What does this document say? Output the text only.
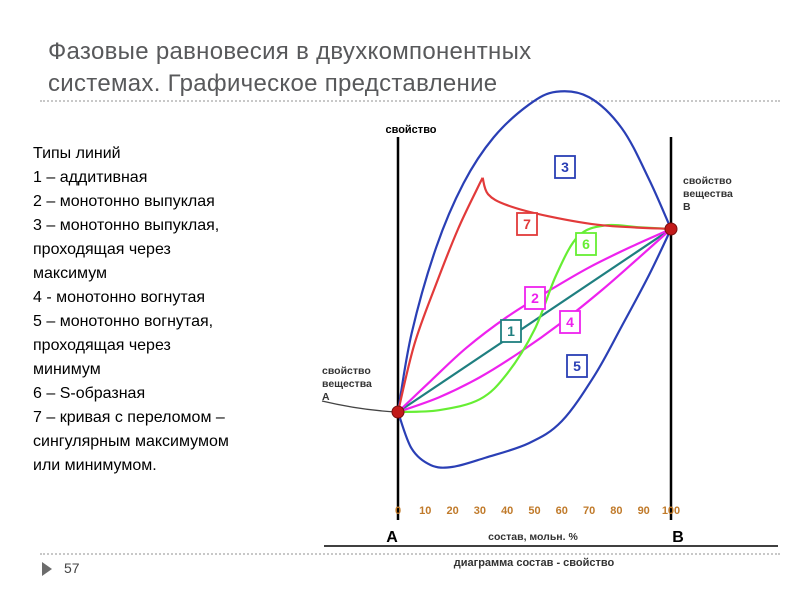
Фазовые равновесия в двухкомпонентных
системах. Графическое представление
Типы линий
1 – аддитивная
2 – монотонно выпуклая
3 – монотонно выпуклая,
проходящая через
максимум
4 - монотонно вогнутая
5 – монотонно вогнутая,
проходящая через
минимум
6 – S-образная
7 – кривая с переломом –
сингулярным максимумом
или минимумом.
1
2
3
4
5
6
7
свойство
свойство
вещества
А
свойство
вещества
В
0 10 20 30 40 50 60 70 80 90 100
А	В
состав, мольн. %
диаграмма состав - свойство
57
